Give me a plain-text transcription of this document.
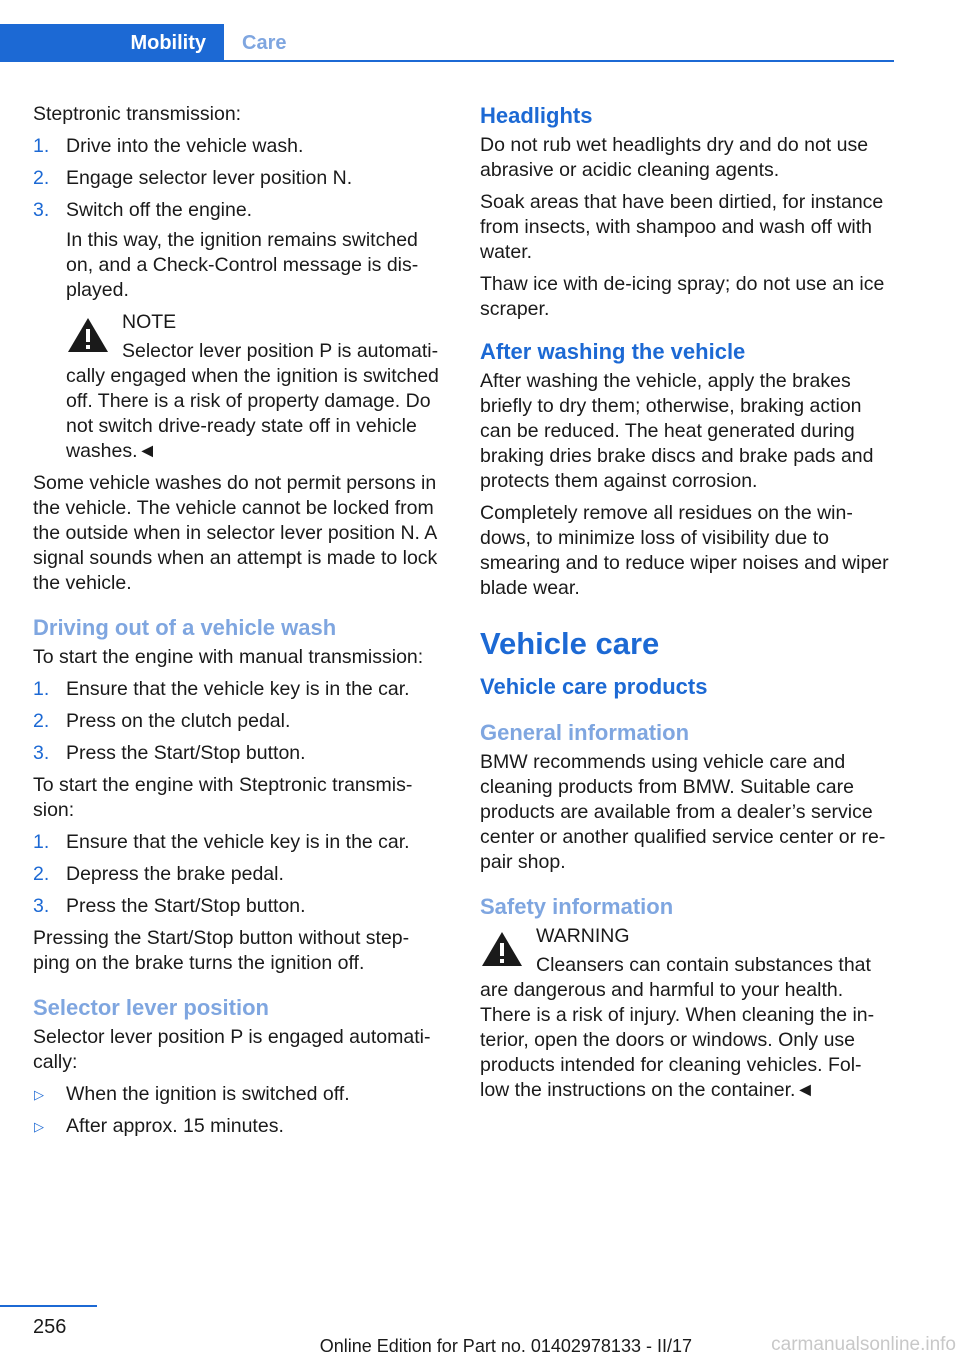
Mobility Care

Steptronic transmission:

1. Drive into the vehicle wash.
2. Engage selector lever position N.
3. Switch off the engine.
In this way, the ignition remains switched on, and a Check-Control message is dis‐ played.
NOTE
Selector lever position P is automati‐ cally engaged when the ignition is switched off. There is a risk of property damage. Do not switch drive-ready state off in vehicle washes.◄

Some vehicle washes do not permit persons in the vehicle. The vehicle cannot be locked from the outside when in selector lever position N. A signal sounds when an attempt is made to lock the vehicle.

Driving out of a vehicle wash

To start the engine with manual transmission:

1. Ensure that the vehicle key is in the car.
2. Press on the clutch pedal.
3. Press the Start/Stop button.

To start the engine with Steptronic transmis‐ sion:

1. Ensure that the vehicle key is in the car.
2. Depress the brake pedal.
3. Press the Start/Stop button.

Pressing the Start/Stop button without step‐ ping on the brake turns the ignition off.

Selector lever position

Selector lever position P is engaged automati‐ cally:

▷ When the ignition is switched off.
▷ After approx. 15 minutes.
Headlights

Do not rub wet headlights dry and do not use abrasive or acidic cleaning agents.

Soak areas that have been dirtied, for instance from insects, with shampoo and wash off with water.

Thaw ice with de-icing spray; do not use an ice scraper.

After washing the vehicle

After washing the vehicle, apply the brakes briefly to dry them; otherwise, braking action can be reduced. The heat generated during braking dries brake discs and brake pads and protects them against corrosion.

Completely remove all residues on the win‐ dows, to minimize loss of visibility due to smearing and to reduce wiper noises and wiper blade wear.

Vehicle care
Vehicle care products
General information

BMW recommends using vehicle care and cleaning products from BMW. Suitable care products are available from a dealer’s service center or another qualified service center or re‐ pair shop.

Safety information
WARNING
Cleansers can contain substances that are dangerous and harmful to your health. There is a risk of injury. When cleaning the in‐ terior, open the doors or windows. Only use products intended for cleaning vehicles. Fol‐ low the instructions on the container.◄
256
Online Edition for Part no. 01402978133 - II/17	carmanualsonline.info
